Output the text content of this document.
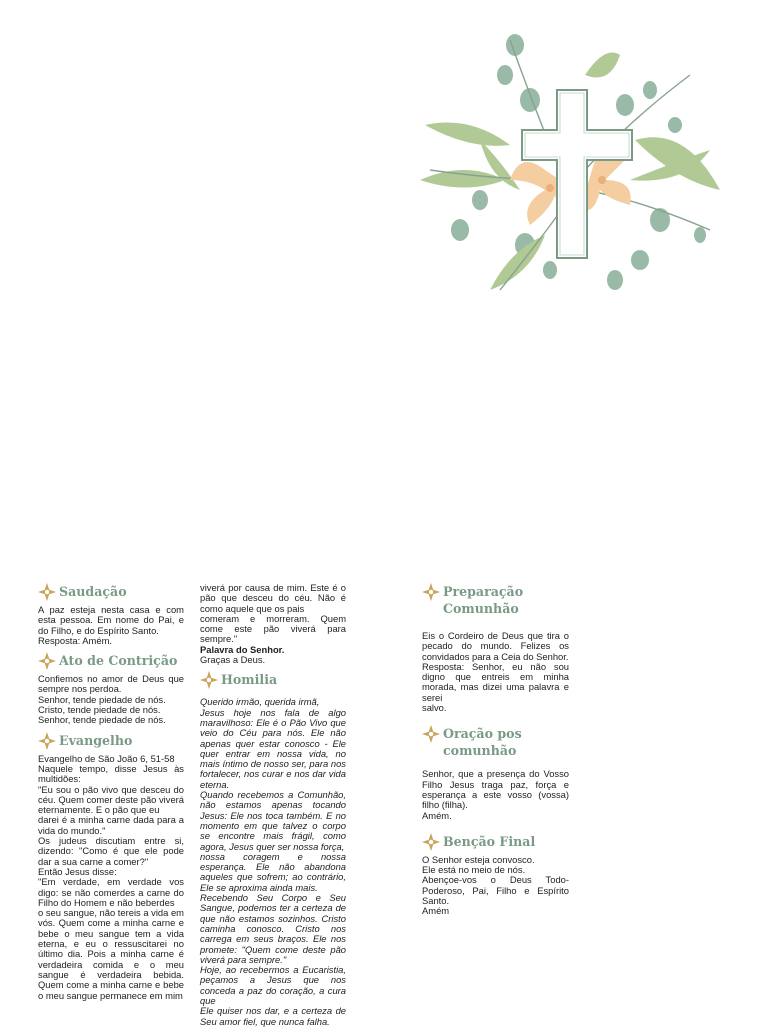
Saudação

A paz esteja nesta casa e com esta pessoa. Em nome do Pai, e do Filho, e do Espírito Santo.

Resposta: Amém.

Ato de Contrição

Confiemos no amor de Deus que sempre nos perdoa.

Senhor, tende piedade de nós.

Cristo, tende piedade de nós.

Senhor, tende piedade de nós.

Evangelho

Evangelho de São João 6, 51-58

Naquele tempo, disse Jesus às multidões:

"Eu sou o pão vivo que desceu do céu. Quem comer deste pão viverá eternamente. E o pão que eu

darei é a minha carne dada para a vida do mundo."

Os judeus discutiam entre si, dizendo: "Como é que ele pode dar a sua carne a comer?"

Então Jesus disse:

"Em verdade, em verdade vos digo: se não comerdes a carne do Filho do Homem e não beberdes

o seu sangue, não tereis a vida em vós. Quem come a minha carne e bebe o meu sangue tem a vida eterna, e eu o ressuscitarei no último dia. Pois a minha carne é verdadeira comida e o meu sangue é verdadeira bebida. Quem come a minha carne e bebe o meu sangue permanece em mim

viverá por causa de mim. Este é o pão que desceu do céu. Não é como aquele que os pais

comeram e morreram. Quem come este pão viverá para sempre."

Palavra do Senhor.

Graças a Deus.

Homilia

Querido irmão, querida irmã,

Jesus hoje nos fala de algo maravilhoso: Ele é o Pão Vivo que veio do Céu para nós. Ele não apenas quer estar conosco - Ele quer entrar em nossa vida, no mais íntimo de nosso ser, para nos fortalecer, nos curar e nos dar vida eterna.

Quando recebemos a Comunhão, não estamos apenas tocando Jesus: Ele nos toca também. E no momento em que talvez o corpo se encontre mais frágil, como agora, Jesus quer ser nossa força,

nossa coragem e nossa esperança. Ele não abandona aqueles que sofrem; ao contrário, Ele se aproxima ainda mais.

Recebendo Seu Corpo e Seu Sangue, podemos ter a certeza de que não estamos sozinhos. Cristo caminha conosco. Cristo nos carrega em seus braços. Ele nos promete: "Quem come deste pão viverá para sempre."

Hoje, ao recebermos a Eucaristia, peçamos a Jesus que nos conceda a paz do coração, a cura que

Ele quiser nos dar, e a certeza de Seu amor fiel, que nunca falha.

Preparação Comunhão

Eis o Cordeiro de Deus que tira o pecado do mundo. Felizes os convidados para a Ceia do Senhor.

Resposta: Senhor, eu não sou digno que entreis em minha morada, mas dizei uma palavra e serei

salvo.

Oração pos comunhão

Senhor, que a presença do Vosso Filho Jesus traga paz, força e esperança a este vosso (vossa) filho (filha).

Amém.

Benção Final

O Senhor esteja convosco.

Ele está no meio de nós.

Abençoe-vos o Deus Todo-Poderoso, Pai, Filho e Espírito Santo.

Amém
